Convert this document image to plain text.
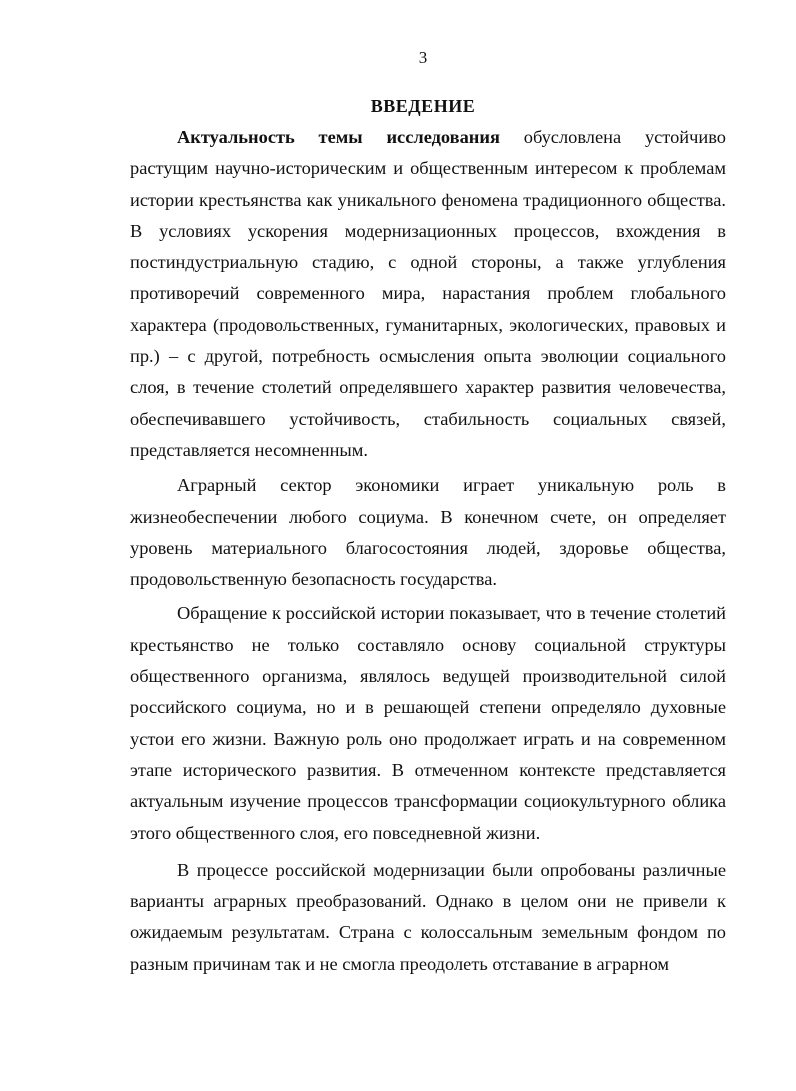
3
ВВЕДЕНИЕ

Актуальность темы исследования обусловлена устойчиво растущим научно-историческим и общественным интересом к проблемам истории крестьянства как уникального феномена традиционного общества. В условиях ускорения модернизационных процессов, вхождения в постиндустриальную стадию, с одной стороны, а также углубления противоречий современного мира, нарастания проблем глобального характера (продовольственных, гуманитарных, экологических, правовых и пр.) – с другой, потребность осмысления опыта эволюции социального слоя, в течение столетий определявшего характер развития человечества, обеспечивавшего устойчивость, стабильность социальных связей, представляется несомненным.

Аграрный сектор экономики играет уникальную роль в жизнеобеспечении любого социума. В конечном счете, он определяет уровень материального благосостояния людей, здоровье общества, продовольственную безопасность государства.

Обращение к российской истории показывает, что в течение столетий крестьянство не только составляло основу социальной структуры общественного организма, являлось ведущей производительной силой российского социума, но и в решающей степени определяло духовные устои его жизни. Важную роль оно продолжает играть и на современном этапе исторического развития. В отмеченном контексте представляется актуальным изучение процессов трансформации социокультурного облика этого общественного слоя, его повседневной жизни.

В процессе российской модернизации были опробованы различные варианты аграрных преобразований. Однако в целом они не привели к ожидаемым результатам. Страна с колоссальным земельным фондом по разным причинам так и не смогла преодолеть отставание в аграрном
